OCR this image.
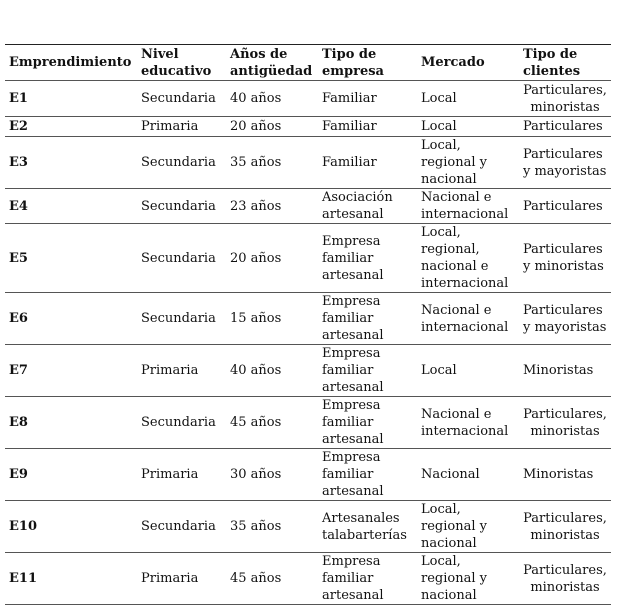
Emprendimiento	Nivel educativo	Años de antigüedad	Tipo de empresa	Mercado	Tipo de clientes
E1	Secundaria	40 años	Familiar	Local	Particulares, minoristas
E2	Primaria	20 años	Familiar	Local	Particulares
E3	Secundaria	35 años	Familiar	Local, regional y nacional	Particulares y mayoristas
E4	Secundaria	23 años	Asociación artesanal	Nacional e internacional	Particulares
E5	Secundaria	20 años	Empresa familiar artesanal	Local, regional, nacional e internacional	Particulares y minoristas
E6	Secundaria	15 años	Empresa familiar artesanal	Nacional e internacional	Particulares y mayoristas
E7	Primaria	40 años	Empresa familiar artesanal	Local	Minoristas
E8	Secundaria	45 años	Empresa familiar artesanal	Nacional e internacional	Particulares, minoristas
E9	Primaria	30 años	Empresa familiar artesanal	Nacional	Minoristas
E10	Secundaria	35 años	Artesanales talabarterías	Local, regional y nacional	Particulares, minoristas
E11	Primaria	45 años	Empresa familiar artesanal	Local, regional y nacional	Particulares, minoristas
